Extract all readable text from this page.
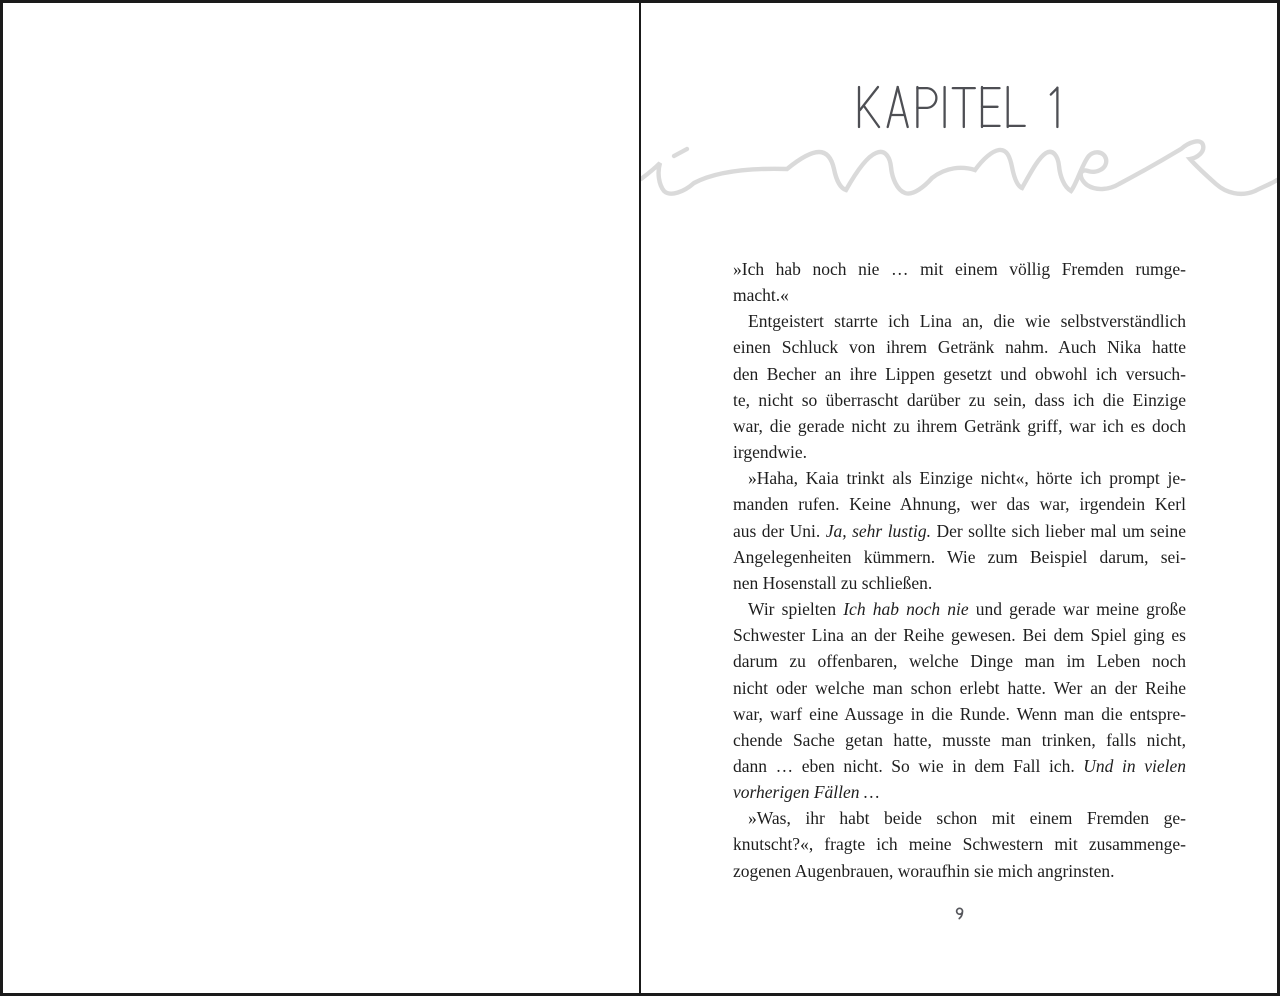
»Ich hab noch nie … mit einem völlig Fremden rumge-
macht.«
Entgeistert starrte ich Lina an, die wie selbstverständlich
einen Schluck von ihrem Getränk nahm. Auch Nika hatte
den Becher an ihre Lippen gesetzt und obwohl ich versuch-
te, nicht so überrascht darüber zu sein, dass ich die Einzige
war, die gerade nicht zu ihrem Getränk griff, war ich es doch
irgendwie.
»Haha, Kaia trinkt als Einzige nicht«, hörte ich prompt je-
manden rufen. Keine Ahnung, wer das war, irgendein Kerl
aus der Uni. Ja, sehr lustig. Der sollte sich lieber mal um seine
Angelegenheiten kümmern. Wie zum Beispiel darum, sei-
nen Hosenstall zu schließen.
Wir spielten Ich hab noch nie und gerade war meine große
Schwester Lina an der Reihe gewesen. Bei dem Spiel ging es
darum zu offenbaren, welche Dinge man im Leben noch
nicht oder welche man schon erlebt hatte. Wer an der Reihe
war, warf eine Aussage in die Runde. Wenn man die entspre-
chende Sache getan hatte, musste man trinken, falls nicht,
dann … eben nicht. So wie in dem Fall ich. Und in vielen
vorherigen Fällen …
»Was, ihr habt beide schon mit einem Fremden ge-
knutscht?«, fragte ich meine Schwestern mit zusammenge-
zogenen Augenbrauen, woraufhin sie mich angrinsten.
